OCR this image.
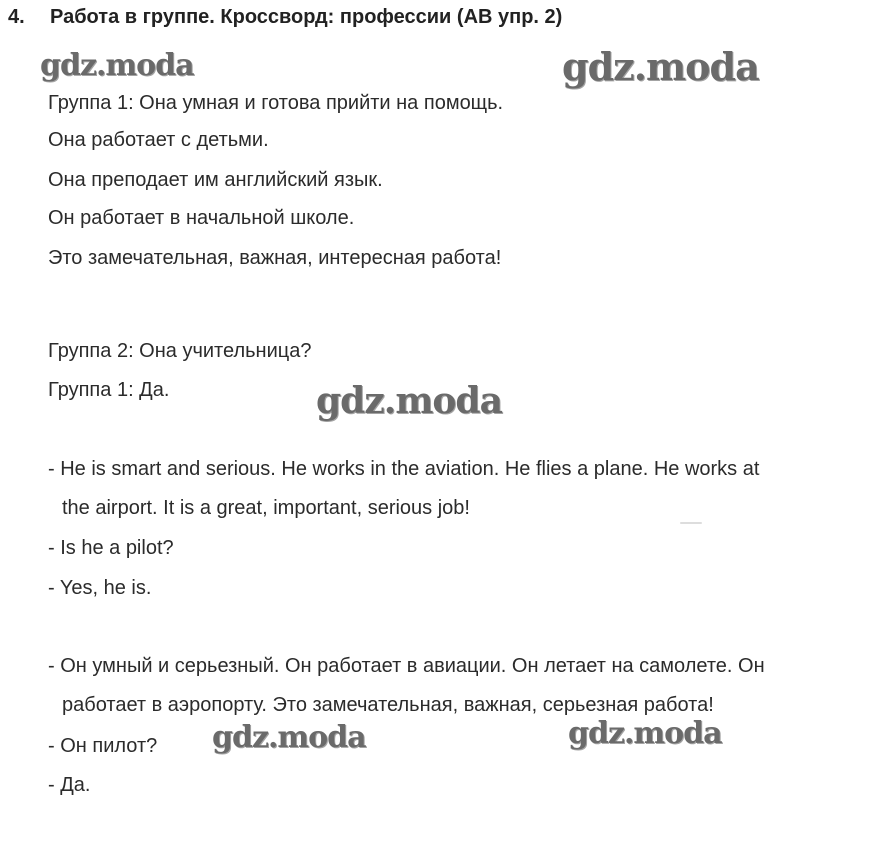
4. Работа в группе. Кроссворд: профессии (AB упр. 2)
Группа 1: Она умная и готова прийти на помощь.
Она работает с детьми.
Она преподает им английский язык.
Он работает в начальной школе.
Это замечательная, важная, интересная работа!
Группа 2: Она учительница?
Группа 1: Да.
- He is smart and serious. He works in the aviation. He flies a plane. He works at
the airport. It is a great, important, serious job!
- Is he a pilot?
- Yes, he is.
- Он умный и серьезный. Он работает в авиации. Он летает на самолете. Он
работает в аэропорту. Это замечательная, важная, серьезная работа!
- Он пилот?
- Да.
gdz.moda	gdz.moda
gdz.moda
gdz.moda	gdz.moda
